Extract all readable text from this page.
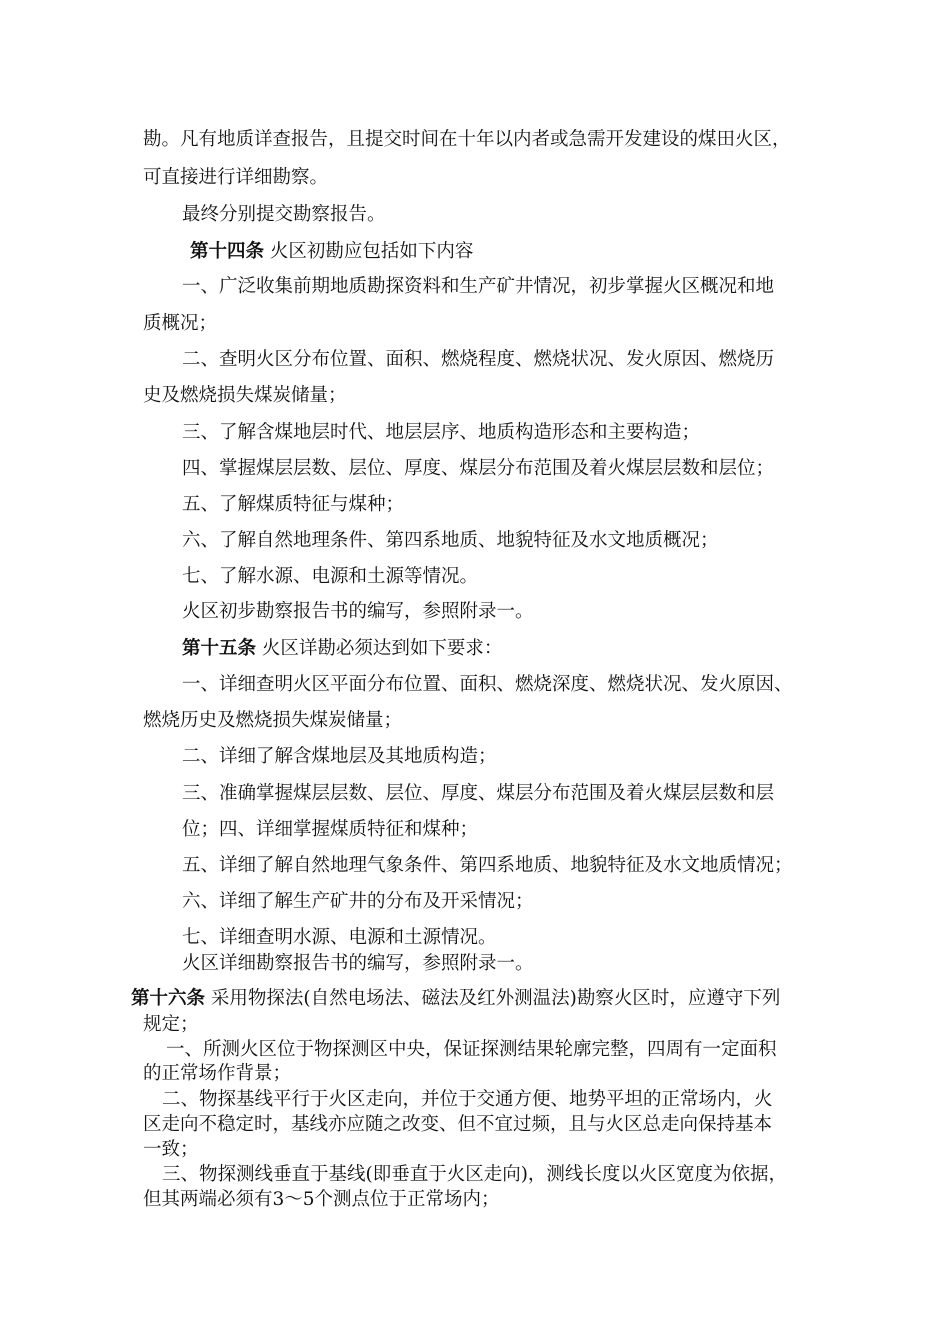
勘。凡有地质详查报告，且提交时间在十年以内者或急需开发建设的煤田火区，
可直接进行详细勘察。
最终分别提交勘察报告。
第十四条 火区初勘应包括如下内容
一、广泛收集前期地质勘探资料和生产矿井情况，初步掌握火区概况和地
质概况；
二、查明火区分布位置、面积、燃烧程度、燃烧状况、发火原因、燃烧历
史及燃烧损失煤炭储量；
三、了解含煤地层时代、地层层序、地质构造形态和主要构造；
四、掌握煤层层数、层位、厚度、煤层分布范围及着火煤层层数和层位；
五、了解煤质特征与煤种；
六、了解自然地理条件、第四系地质、地貌特征及水文地质概况；
七、了解水源、电源和土源等情况。
火区初步勘察报告书的编写，参照附录一。
第十五条 火区详勘必须达到如下要求：
一、详细查明火区平面分布位置、面积、燃烧深度、燃烧状况、发火原因、
燃烧历史及燃烧损失煤炭储量；
二、详细了解含煤地层及其地质构造；
三、准确掌握煤层层数、层位、厚度、煤层分布范围及着火煤层层数和层
位；四、详细掌握煤质特征和煤种；
五、详细了解自然地理气象条件、第四系地质、地貌特征及水文地质情况；
六、详细了解生产矿井的分布及开采情况；
七、详细查明水源、电源和土源情况。
火区详细勘察报告书的编写，参照附录一。
第十六条 采用物探法(自然电场法、磁法及红外测温法)勘察火区时，应遵守下列
规定；
一、所测火区位于物探测区中央，保证探测结果轮廓完整，四周有一定面积
的正常场作背景；
二、物探基线平行于火区走向，并位于交通方便、地势平坦的正常场内，火
区走向不稳定时，基线亦应随之改变、但不宜过频，且与火区总走向保持基本
一致；
三、物探测线垂直于基线(即垂直于火区走向)，测线长度以火区宽度为依据，
但其两端必须有3～5个测点位于正常场内；
